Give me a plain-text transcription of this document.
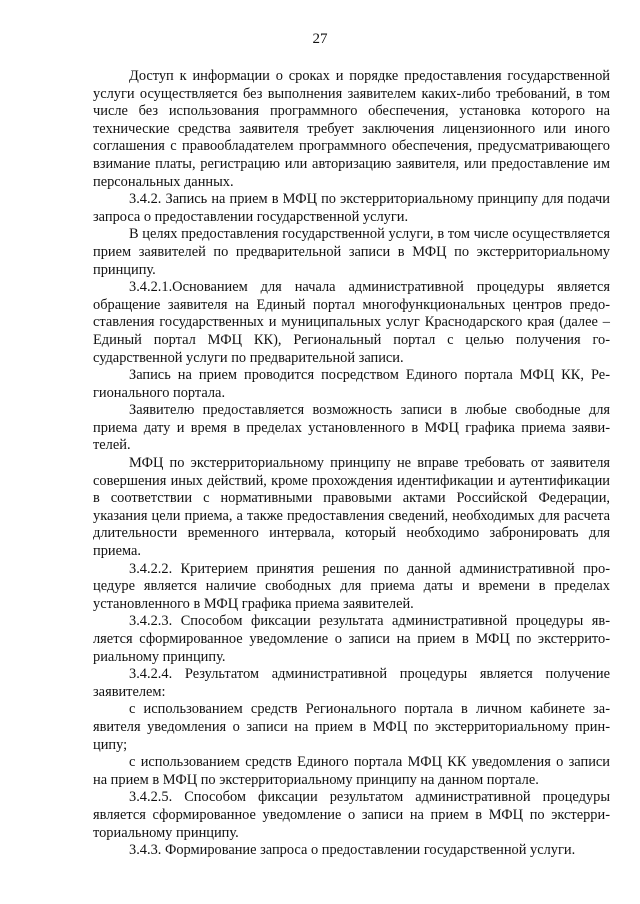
27

Доступ к информации о сроках и порядке предоставления государственной услуги осуществляется без выполнения заявителем каких-либо требований, в том числе без использования программного обеспечения, установка которого на технические средства заявителя требует заключения лицензионного или иного соглашения с правообладателем программного обеспечения, предусматривающего взимание платы, регистрацию или авторизацию заявителя, или предоставление им персональных данных.

3.4.2. Запись на прием в МФЦ по экстерриториальному принципу для подачи запроса о предоставлении государственной услуги.

В целях предоставления государственной услуги, в том числе осуществляется прием заявителей по предварительной записи в МФЦ по экстерриториальному принципу.

3.4.2.1.Основанием для начала административной процедуры является обращение заявителя на Единый портал многофункциональных центров предоставления государственных и муниципальных услуг Краснодарского края (далее – Единый портал МФЦ КК), Региональный портал с целью получения государственной услуги по предварительной записи.

Запись на прием проводится посредством Единого портала МФЦ КК, Регионального портала.

Заявителю предоставляется возможность записи в любые свободные для приема дату и время в пределах установленного в МФЦ графика приема заявителей.

МФЦ по экстерриториальному принципу не вправе требовать от заявителя совершения иных действий, кроме прохождения идентификации и аутентификации в соответствии с нормативными правовыми актами Российской Федерации, указания цели приема, а также предоставления сведений, необходимых для расчета длительности временного интервала, который необходимо забронировать для приема.

3.4.2.2. Критерием принятия решения по данной административной процедуре является наличие свободных для приема даты и времени в пределах установленного в МФЦ графика приема заявителей.

3.4.2.3. Способом фиксации результата административной процедуры является сформированное уведомление о записи на прием в МФЦ по экстерриториальному принципу.

3.4.2.4. Результатом административной процедуры является получение заявителем:

с использованием средств Регионального портала в личном кабинете заявителя уведомления о записи на прием в МФЦ по экстерриториальному принципу;

с использованием средств Единого портала МФЦ КК уведомления о записи на прием в МФЦ по экстерриториальному принципу на данном портале.

3.4.2.5. Способом фиксации результатом административной процедуры является сформированное уведомление о записи на прием в МФЦ по экстерриториальному принципу.

3.4.3. Формирование запроса о предоставлении государственной услуги.
